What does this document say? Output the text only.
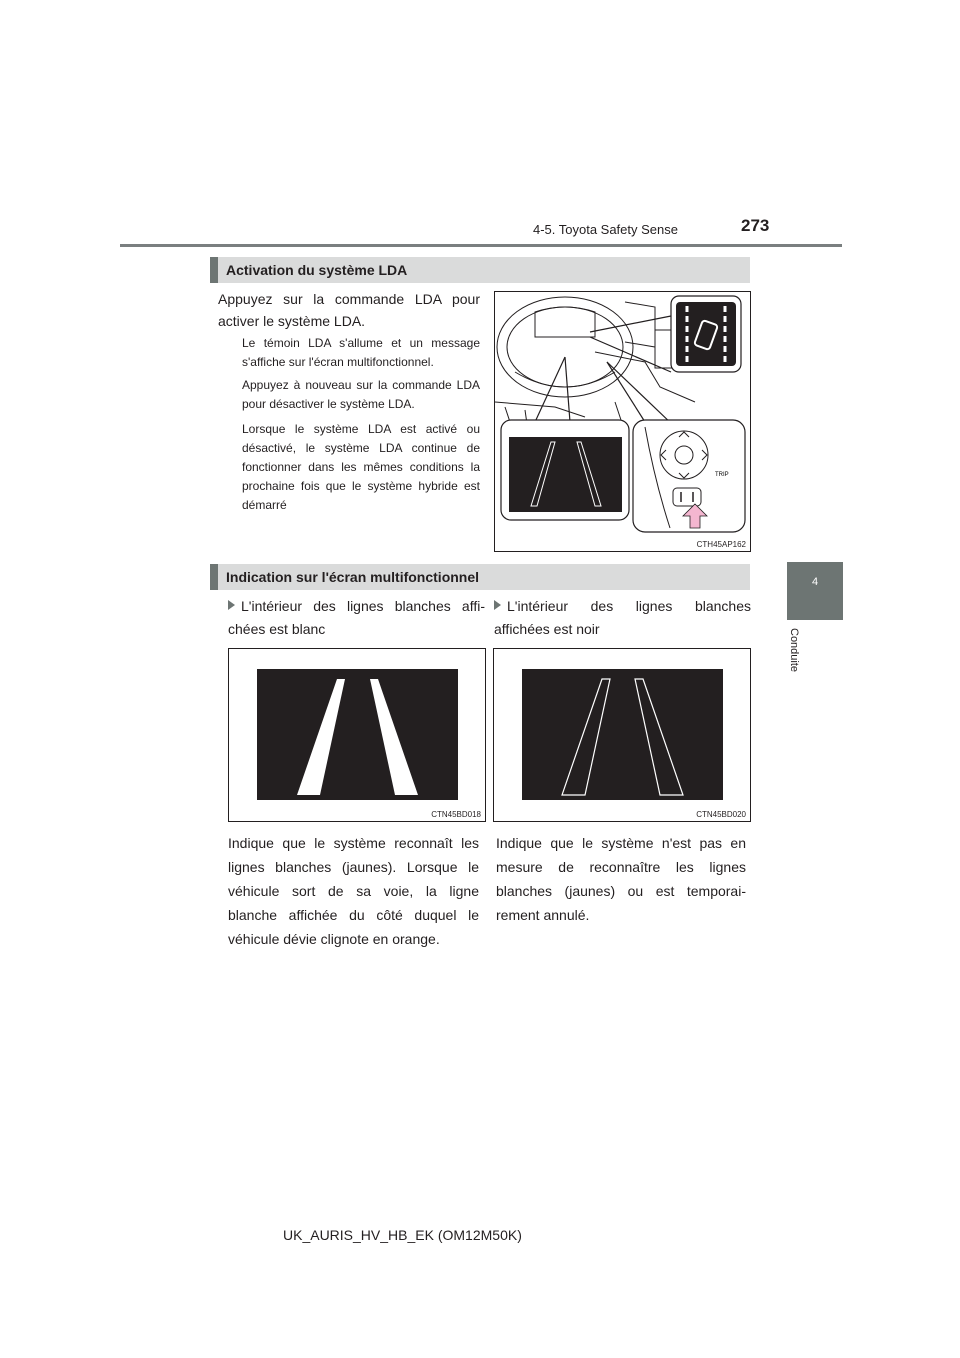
4-5. Toyota Safety Sense	273
4
Conduite
Activation du système LDA
Appuyez sur la commande LDA pour activer le système LDA.
Le témoin LDA s'allume et un message s'affiche sur l'écran multifonctionnel.
Appuyez à nouveau sur la commande LDA pour désactiver le système LDA.
Lorsque le système LDA est activé ou désactivé, le système LDA continue de fonctionner dans les mêmes conditions la prochaine fois que le système hybride est démarré
TRIP
CTH45AP162
Indication sur l'écran multifonctionnel
L'intérieur des lignes blanches affi-chées est blanc
L'intérieur des lignes blanches affichées est noir
CTN45BD018	CTN45BD020
Indique que le système reconnaît les lignes blanches (jaunes). Lorsque le véhicule sort de sa voie, la ligne blanche affichée du côté duquel le véhicule dévie clignote en orange.
Indique que le système n'est pas en mesure de reconnaître les lignes blanches (jaunes) ou est temporai-rement annulé.
UK_AURIS_HV_HB_EK (OM12M50K)
